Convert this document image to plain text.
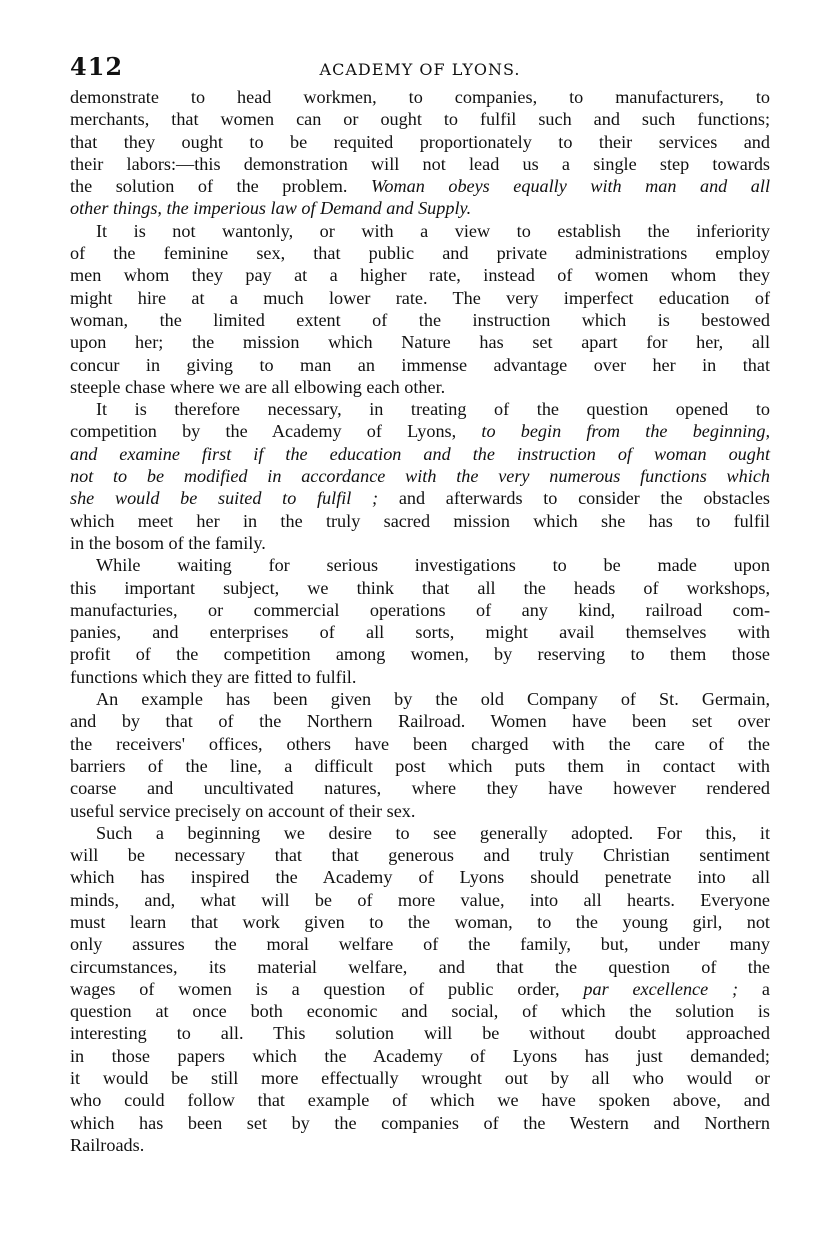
412	ACADEMY OF LYONS.
demonstrate to head workmen, to companies, to manufacturers, to
merchants, that women can or ought to fulfil such and such functions;
that they ought to be requited proportionately to their services and
their labors:—this demonstration will not lead us a single step towards
the solution of the problem. Woman obeys equally with man and all
other things, the imperious law of Demand and Supply.
It is not wantonly, or with a view to establish the inferiority
of the feminine sex, that public and private administrations employ
men whom they pay at a higher rate, instead of women whom they
might hire at a much lower rate. The very imperfect education of
woman, the limited extent of the instruction which is bestowed
upon her; the mission which Nature has set apart for her, all
concur in giving to man an immense advantage over her in that
steeple chase where we are all elbowing each other.
It is therefore necessary, in treating of the question opened to
competition by the Academy of Lyons, to begin from the beginning,
and examine first if the education and the instruction of woman ought
not to be modified in accordance with the very numerous functions which
she would be suited to fulfil ; and afterwards to consider the obstacles
which meet her in the truly sacred mission which she has to fulfil
in the bosom of the family.
While waiting for serious investigations to be made upon
this important subject, we think that all the heads of workshops,
manufacturies, or commercial operations of any kind, railroad com-
panies, and enterprises of all sorts, might avail themselves with
profit of the competition among women, by reserving to them those
functions which they are fitted to fulfil.
An example has been given by the old Company of St. Germain,
and by that of the Northern Railroad. Women have been set over
the receivers' offices, others have been charged with the care of the
barriers of the line, a difficult post which puts them in contact with
coarse and uncultivated natures, where they have however rendered
useful service precisely on account of their sex.
Such a beginning we desire to see generally adopted. For this, it
will be necessary that that generous and truly Christian sentiment
which has inspired the Academy of Lyons should penetrate into all
minds, and, what will be of more value, into all hearts. Everyone
must learn that work given to the woman, to the young girl, not
only assures the moral welfare of the family, but, under many
circumstances, its material welfare, and that the question of the
wages of women is a question of public order, par excellence ; a
question at once both economic and social, of which the solution is
interesting to all. This solution will be without doubt approached
in those papers which the Academy of Lyons has just demanded;
it would be still more effectually wrought out by all who would or
who could follow that example of which we have spoken above, and
which has been set by the companies of the Western and Northern
Railroads.
